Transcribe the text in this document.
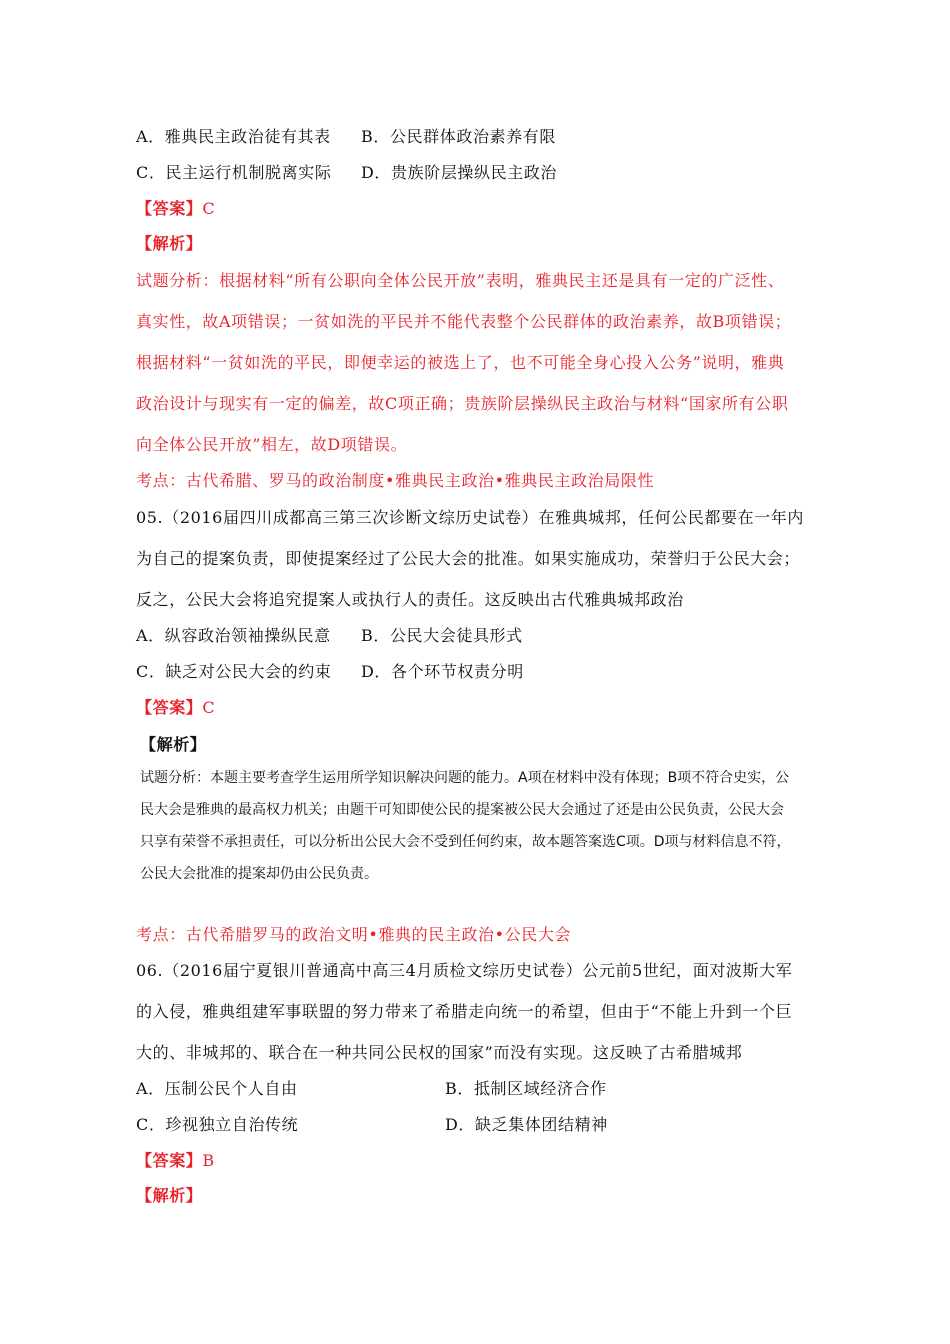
A．雅典民主政治徒有其表 B．公民群体政治素养有限
C．民主运行机制脱离实际 D．贵族阶层操纵民主政治
【答案】C
【解析】
试题分析：根据材料“所有公职向全体公民开放”表明，雅典民主还是具有一定的广泛性、
真实性，故A项错误；一贫如洗的平民并不能代表整个公民群体的政治素养，故B项错误；
根据材料“一贫如洗的平民，即便幸运的被选上了，也不可能全身心投入公务”说明，雅典
政治设计与现实有一定的偏差，故C项正确；贵族阶层操纵民主政治与材料“国家所有公职
向全体公民开放”相左，故D项错误。
考点：古代希腊、罗马的政治制度•雅典民主政治•雅典民主政治局限性
05.（2016届四川成都高三第三次诊断文综历史试卷）在雅典城邦，任何公民都要在一年内
为自己的提案负责，即使提案经过了公民大会的批准。如果实施成功，荣誉归于公民大会；
反之，公民大会将追究提案人或执行人的责任。这反映出古代雅典城邦政治
A．纵容政治领袖操纵民意 B．公民大会徒具形式
C．缺乏对公民大会的约束 D．各个环节权责分明
【答案】C
【解析】
试题分析：本题主要考查学生运用所学知识解决问题的能力。A项在材料中没有体现；B项不符合史实，公
民大会是雅典的最高权力机关；由题干可知即使公民的提案被公民大会通过了还是由公民负责，公民大会
只享有荣誉不承担责任，可以分析出公民大会不受到任何约束，故本题答案选C项。D项与材料信息不符，
公民大会批准的提案却仍由公民负责。
考点：古代希腊罗马的政治文明•雅典的民主政治•公民大会
06.（2016届宁夏银川普通高中高三4月质检文综历史试卷）公元前5世纪，面对波斯大军
的入侵，雅典组建军事联盟的努力带来了希腊走向统一的希望，但由于“不能上升到一个巨
大的、非城邦的、联合在一种共同公民权的国家”而没有实现。这反映了古希腊城邦
A．压制公民个人自由	B．抵制区域经济合作
C．珍视独立自治传统	D．缺乏集体团结精神
【答案】B
【解析】
